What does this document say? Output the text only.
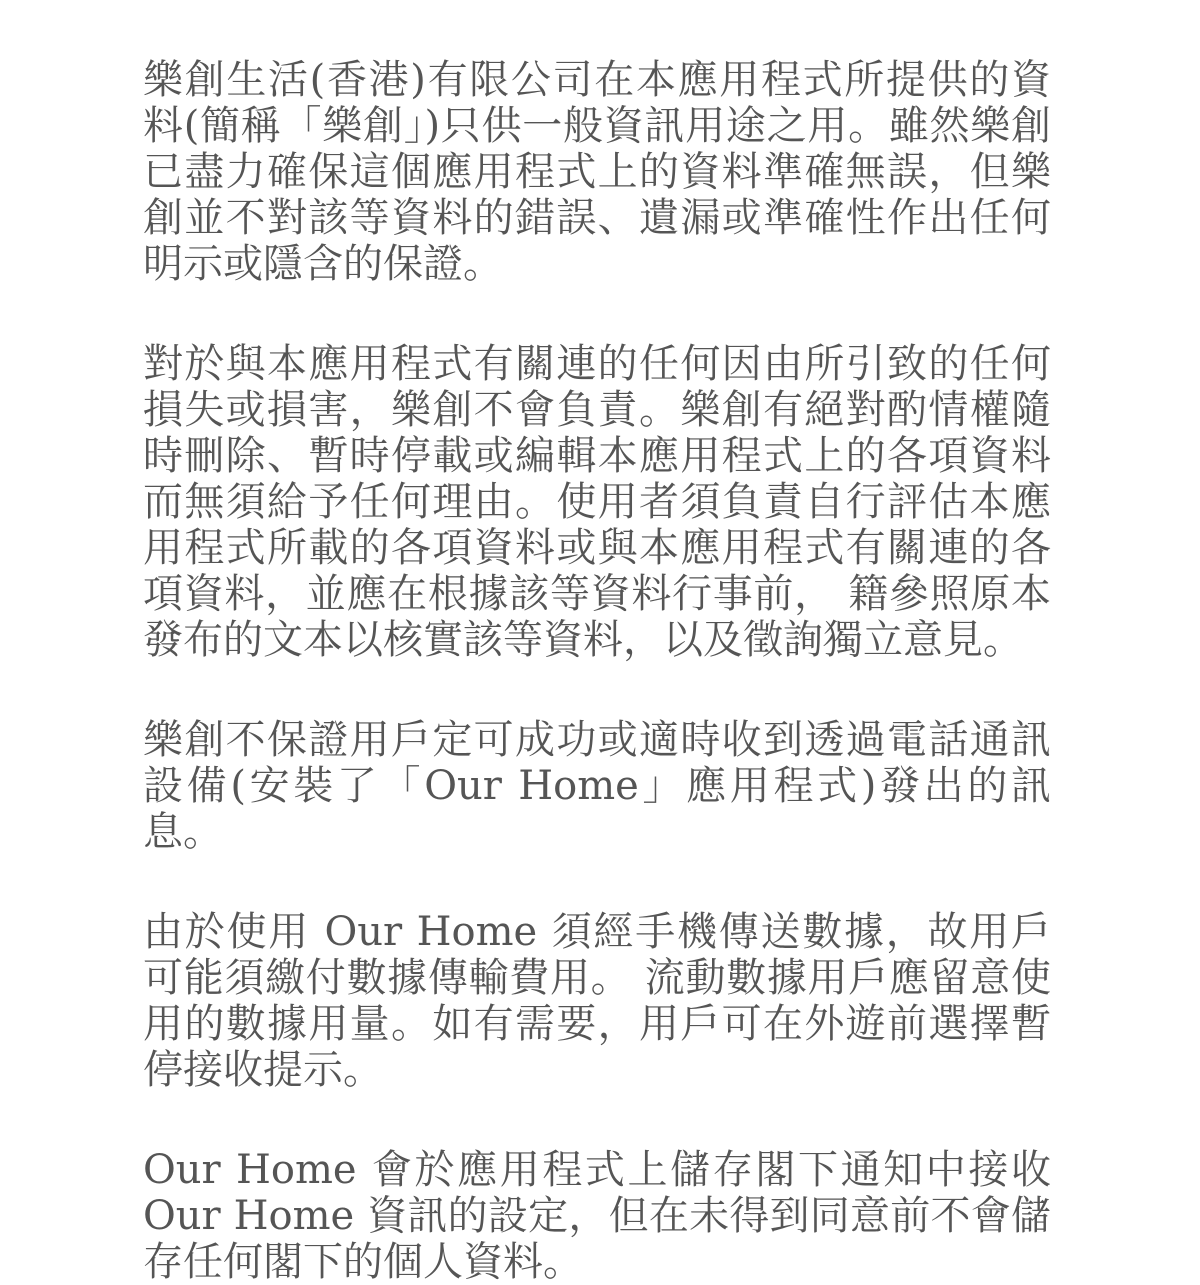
樂創生活(香港)有限公司在本應用程式所提供的資料(簡稱「樂創」)只供一般資訊用途之用。雖然樂創已盡力確保這個應用程式上的資料準確無誤，但樂創並不對該等資料的錯誤、遺漏或準確性作出任何明示或隱含的保證。

對於與本應用程式有關連的任何因由所引致的任何損失或損害，樂創不會負責。樂創有絕對酌情權隨時刪除、暫時停載或編輯本應用程式上的各項資料而無須給予任何理由。使用者須負責自行評估本應用程式所載的各項資料或與本應用程式有關連的各項資料，並應在根據該等資料行事前， 籍參照原本發布的文本以核實該等資料，以及徵詢獨立意見。

樂創不保證用戶定可成功或適時收到透過電話通訊設備(安裝了「Our Home」應用程式)發出的訊息。

由於使用 Our Home 須經手機傳送數據，故用戶可能須繳付數據傳輸費用。 流動數據用戶應留意使用的數據用量。如有需要，用戶可在外遊前選擇暫停接收提示。

Our Home 會於應用程式上儲存閣下通知中接收 Our Home 資訊的設定，但在未得到同意前不會儲存任何閣下的個人資料。
